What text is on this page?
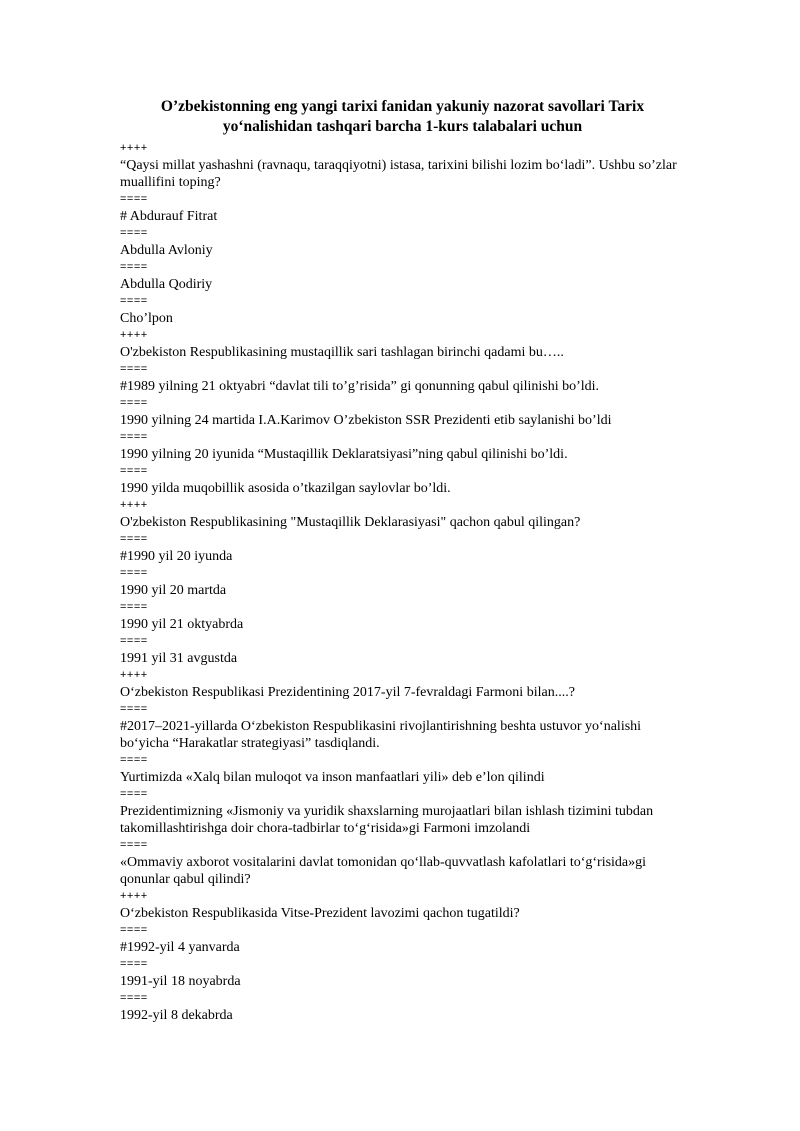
O’zbekistonning eng yangi tarixi fanidan yakuniy nazorat savollari Tarix yo‘nalishidan tashqari barcha 1-kurs talabalari uchun
++++
“Qaysi millat yashashni (ravnaqu, taraqqiyotni) istasa, tarixini bilishi lozim bo‘ladi”. Ushbu so’zlar muallifini toping?
====
# Abdurauf Fitrat
====
Abdulla Avloniy
====
Abdulla Qodiriy
====
Cho’lpon
++++
O'zbekiston Respublikasining mustaqillik sari tashlagan birinchi qadami bu…..
====
#1989 yilning 21 oktyabri “davlat tili to’g’risida” gi qonunning qabul qilinishi bo’ldi.
====
1990 yilning 24 martida I.A.Karimov O’zbekiston SSR Prezidenti etib saylanishi bo’ldi
====
1990 yilning 20 iyunida “Mustaqillik Deklaratsiyasi”ning qabul qilinishi bo’ldi.
====
1990 yilda muqobillik asosida o’tkazilgan saylovlar bo’ldi.
++++
O'zbekiston Respublikasining "Mustaqillik Deklarasiyasi" qachon qabul qilingan?
====
#1990 yil 20 iyunda
====
1990 yil 20 martda
====
1990 yil 21 oktyabrda
====
1991 yil 31 avgustda
++++
O‘zbekiston Respublikasi Prezidentining 2017-yil 7-fevraldagi Farmoni bilan....?
====
#2017–2021-yillarda O‘zbekiston Respublikasini rivojlantirishning beshta ustuvor yo‘nalishi bo‘yicha “Harakatlar strategiyasi” tasdiqlandi.
====
Yurtimizda «Xalq bilan muloqot va inson manfaatlari yili» deb e’lon qilindi
====
Prezidentimizning «Jismoniy va yuridik shaxslarning murojaatlari bilan ishlash tizimini tubdan takomillashtirishga doir chora-tadbirlar to‘g‘risida»gi Farmoni imzolandi
====
«Ommaviy axborot vositalarini davlat tomonidan qo‘llab-quvvatlash kafolatlari to‘g‘risida»gi qonunlar qabul qilindi?
++++
O‘zbekiston Respublikasida Vitse-Prezident lavozimi qachon tugatildi?
====
#1992-yil 4 yanvarda
====
1991-yil 18 noyabrda
====
1992-yil 8 dekabrda
